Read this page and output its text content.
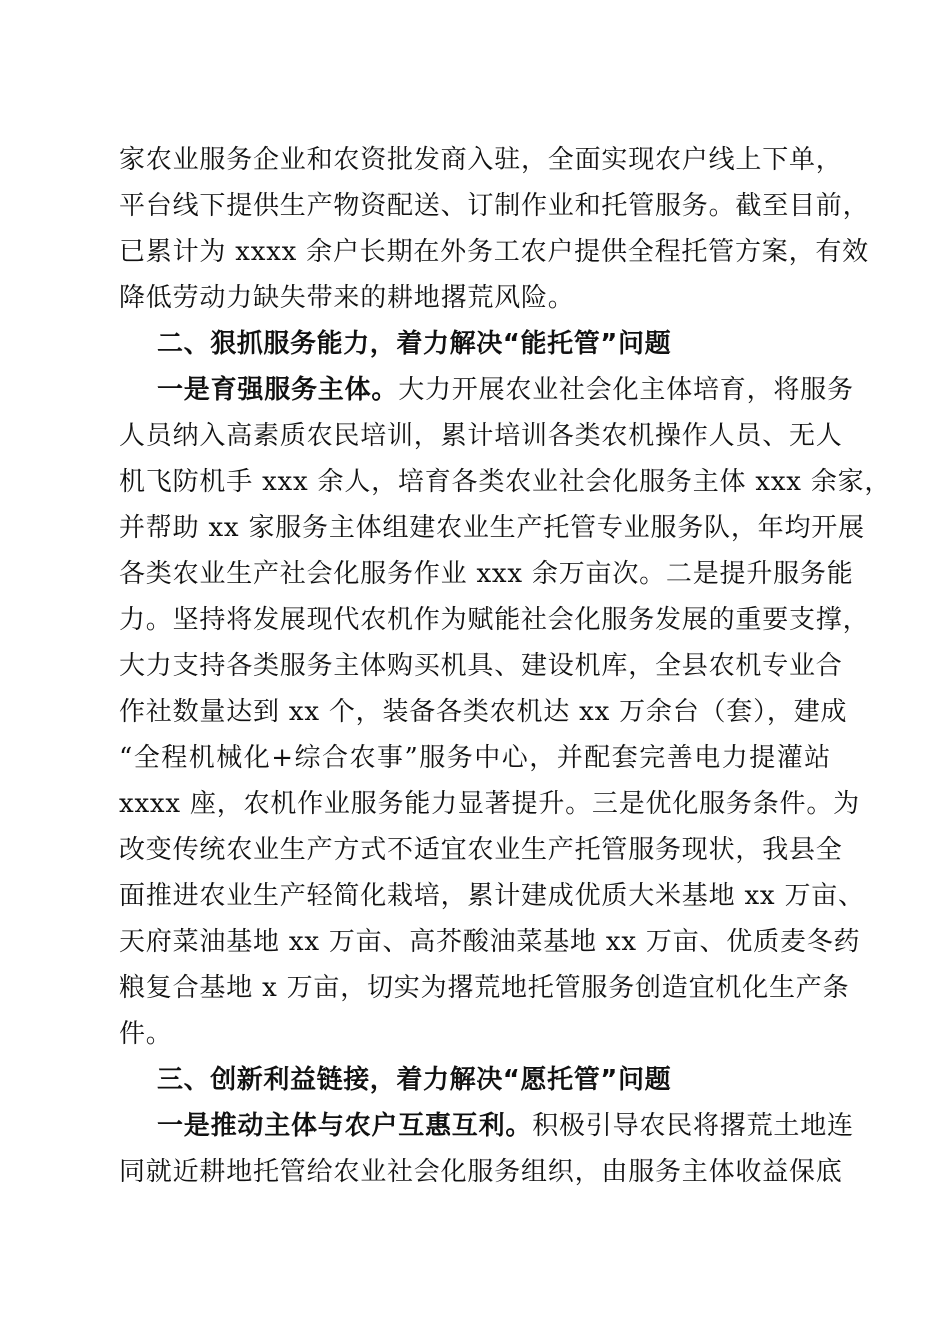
家农业服务企业和农资批发商入驻，全面实现农户线上下单，
平台线下提供生产物资配送、订制作业和托管服务。截至目前，
已累计为 xxxx 余户长期在外务工农户提供全程托管方案，有效
降低劳动力缺失带来的耕地撂荒风险。
二、狠抓服务能力，着力解决“能托管”问题
一是育强服务主体。大力开展农业社会化主体培育，将服务
人员纳入高素质农民培训，累计培训各类农机操作人员、无人
机飞防机手 xxx 余人，培育各类农业社会化服务主体 xxx 余家，
并帮助 xx 家服务主体组建农业生产托管专业服务队，年均开展
各类农业生产社会化服务作业 xxx 余万亩次。二是提升服务能
力。坚持将发展现代农机作为赋能社会化服务发展的重要支撑，
大力支持各类服务主体购买机具、建设机库，全县农机专业合
作社数量达到 xx 个，装备各类农机达 xx 万余台（套），建成
“全程机械化+综合农事”服务中心，并配套完善电力提灌站
xxxx 座，农机作业服务能力显著提升。三是优化服务条件。为
改变传统农业生产方式不适宜农业生产托管服务现状，我县全
面推进农业生产轻简化栽培，累计建成优质大米基地 xx 万亩、
天府菜油基地 xx 万亩、高芥酸油菜基地 xx 万亩、优质麦冬药
粮复合基地 x 万亩，切实为撂荒地托管服务创造宜机化生产条
件。
三、创新利益链接，着力解决“愿托管”问题
一是推动主体与农户互惠互利。积极引导农民将撂荒土地连
同就近耕地托管给农业社会化服务组织，由服务主体收益保底
